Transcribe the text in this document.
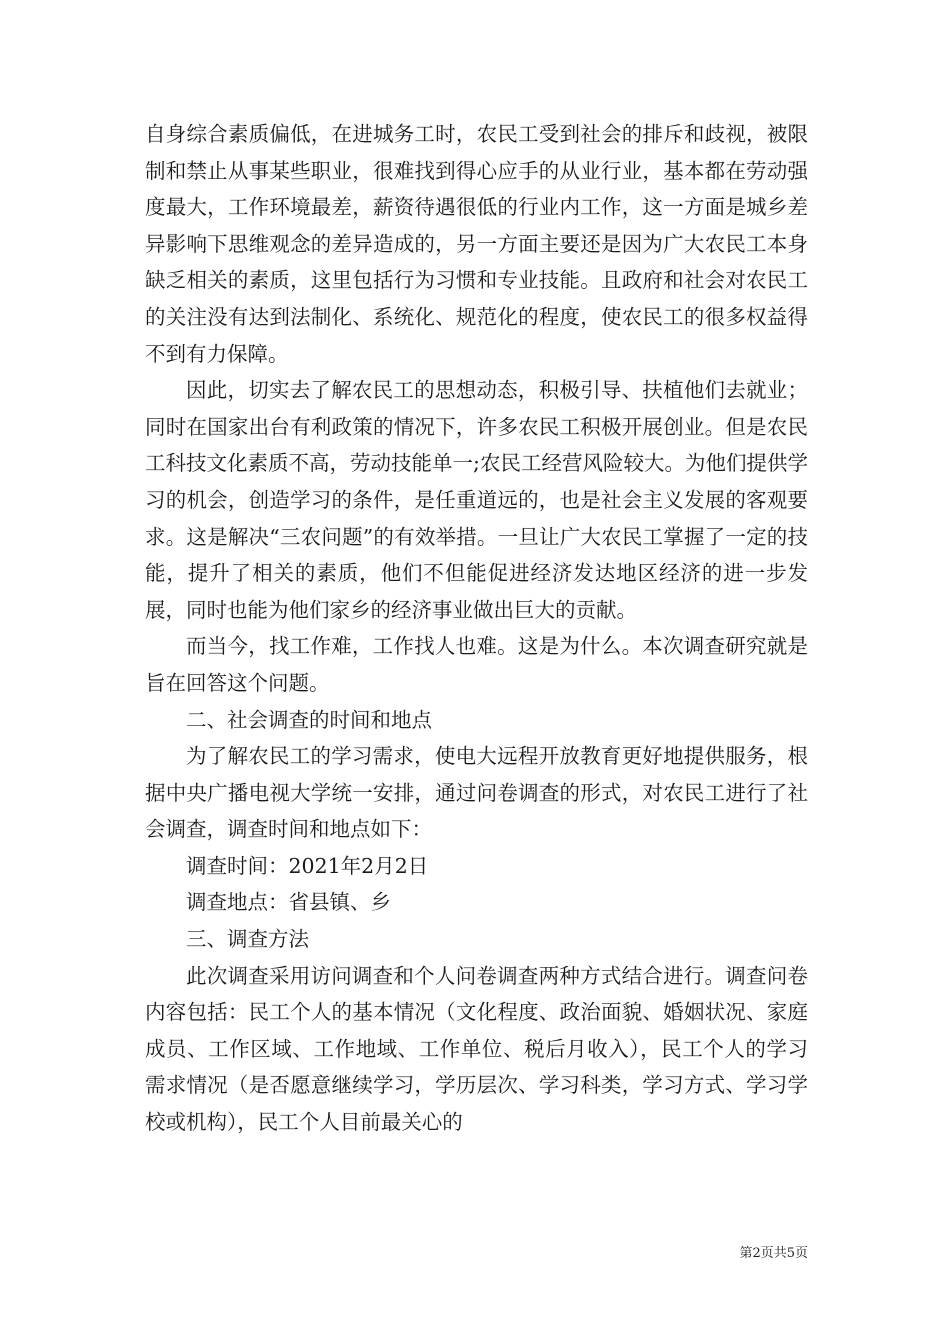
自身综合素质偏低，在进城务工时，农民工受到社会的排斥和歧视，被限制和禁止从事某些职业，很难找到得心应手的从业行业，基本都在劳动强度最大，工作环境最差，薪资待遇很低的行业内工作，这一方面是城乡差异影响下思维观念的差异造成的，另一方面主要还是因为广大农民工本身缺乏相关的素质，这里包括行为习惯和专业技能。且政府和社会对农民工的关注没有达到法制化、系统化、规范化的程度，使农民工的很多权益得不到有力保障。

因此，切实去了解农民工的思想动态，积极引导、扶植他们去就业；同时在国家出台有利政策的情况下，许多农民工积极开展创业。但是农民工科技文化素质不高，劳动技能单一;农民工经营风险较大。为他们提供学习的机会，创造学习的条件，是任重道远的，也是社会主义发展的客观要求。这是解决“三农问题”的有效举措。一旦让广大农民工掌握了一定的技能，提升了相关的素质，他们不但能促进经济发达地区经济的进一步发展，同时也能为他们家乡的经济事业做出巨大的贡献。

而当今，找工作难，工作找人也难。这是为什么。本次调查研究就是旨在回答这个问题。

二、社会调查的时间和地点

为了解农民工的学习需求，使电大远程开放教育更好地提供服务，根据中央广播电视大学统一安排，通过问卷调查的形式，对农民工进行了社会调查，调查时间和地点如下：

调查时间：2021年2月2日

调查地点：省县镇、乡

三、调查方法

此次调查采用访问调查和个人问卷调查两种方式结合进行。调查问卷内容包括：民工个人的基本情况（文化程度、政治面貌、婚姻状况、家庭成员、工作区域、工作地域、工作单位、税后月收入），民工个人的学习需求情况（是否愿意继续学习，学历层次、学习科类，学习方式、学习学校或机构），民工个人目前最关心的

第2页共5页
